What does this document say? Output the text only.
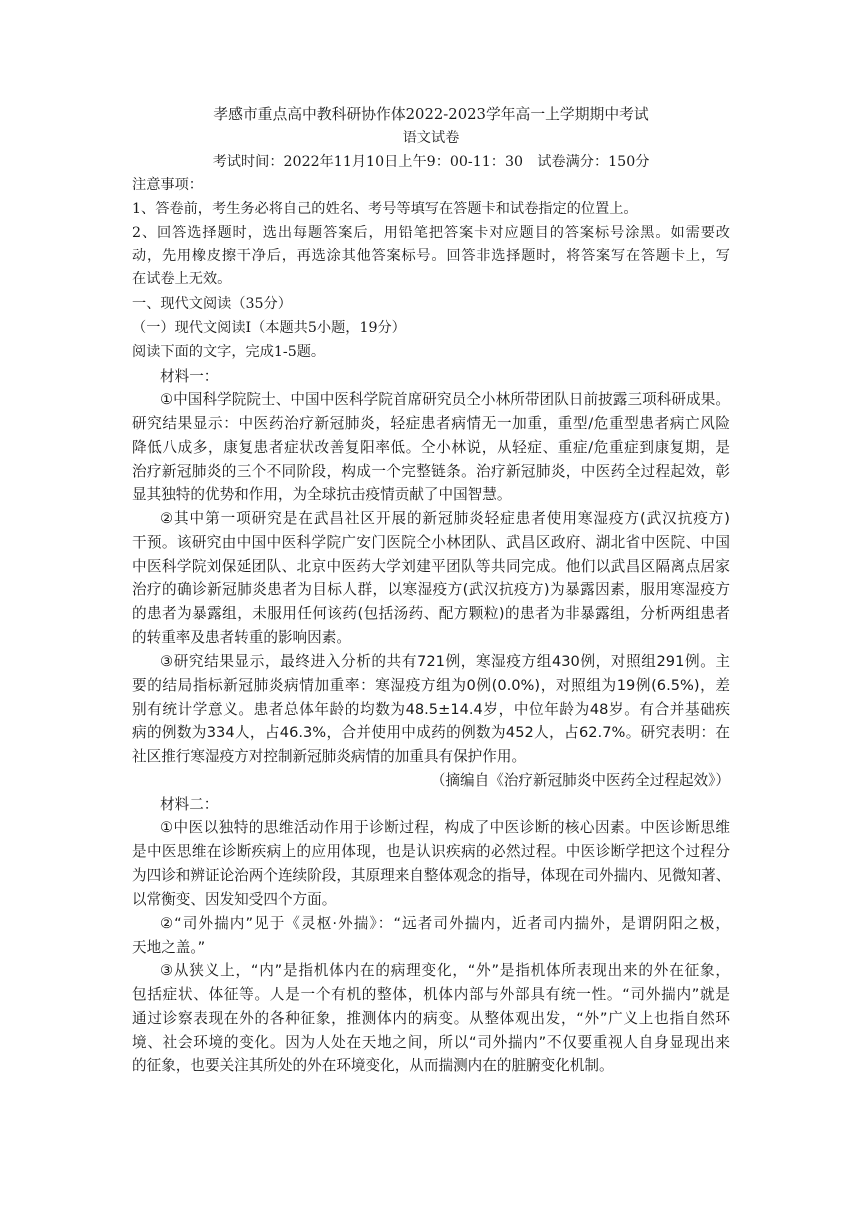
孝感市重点高中教科研协作体2022-2023学年高一上学期期中考试
语文试卷
考试时间：2022年11月10日上午9：00-11：30　试卷满分：150分
注意事项：
1、答卷前，考生务必将自己的姓名、考号等填写在答题卡和试卷指定的位置上。
2、回答选择题时，选出每题答案后，用铅笔把答案卡对应题目的答案标号涂黑。如需要改
动，先用橡皮擦干净后，再选涂其他答案标号。回答非选择题时，将答案写在答题卡上，写
在试卷上无效。
一、现代文阅读（35分）
（一）现代文阅读Ⅰ（本题共5小题，19分）
阅读下面的文字，完成1-5题。
材料一：
①中国科学院院士、中国中医科学院首席研究员仝小林所带团队日前披露三项科研成果。
研究结果显示：中医药治疗新冠肺炎，轻症患者病情无一加重，重型/危重型患者病亡风险
降低八成多，康复患者症状改善复阳率低。仝小林说，从轻症、重症/危重症到康复期，是
治疗新冠肺炎的三个不同阶段，构成一个完整链条。治疗新冠肺炎，中医药全过程起效，彰
显其独特的优势和作用，为全球抗击疫情贡献了中国智慧。
②其中第一项研究是在武昌社区开展的新冠肺炎轻症患者使用寒湿疫方(武汉抗疫方)
干预。该研究由中国中医科学院广安门医院仝小林团队、武昌区政府、湖北省中医院、中国
中医科学院刘保延团队、北京中医药大学刘建平团队等共同完成。他们以武昌区隔离点居家
治疗的确诊新冠肺炎患者为目标人群，以寒湿疫方(武汉抗疫方)为暴露因素，服用寒湿疫方
的患者为暴露组，未服用任何该药(包括汤药、配方颗粒)的患者为非暴露组，分析两组患者
的转重率及患者转重的影响因素。
③研究结果显示，最终进入分析的共有721例，寒湿疫方组430例，对照组291例。主
要的结局指标新冠肺炎病情加重率：寒湿疫方组为0例(0.0%)，对照组为19例(6.5%)，差
别有统计学意义。患者总体年龄的均数为48.5±14.4岁，中位年龄为48岁。有合并基础疾
病的例数为334人，占46.3%，合并使用中成药的例数为452人，占62.7%。研究表明：在
社区推行寒湿疫方对控制新冠肺炎病情的加重具有保护作用。
（摘编自《治疗新冠肺炎中医药全过程起效》）
材料二：
①中医以独特的思维活动作用于诊断过程，构成了中医诊断的核心因素。中医诊断思维
是中医思维在诊断疾病上的应用体现，也是认识疾病的必然过程。中医诊断学把这个过程分
为四诊和辨证论治两个连续阶段，其原理来自整体观念的指导，体现在司外揣内、见微知著、
以常衡变、因发知受四个方面。
②“司外揣内”见于《灵枢·外揣》：“远者司外揣内，近者司内揣外，是谓阴阳之极，
天地之盖。”
③从狭义上，“内”是指机体内在的病理变化，“外”是指机体所表现出来的外在征象，
包括症状、体征等。人是一个有机的整体，机体内部与外部具有统一性。“司外揣内”就是
通过诊察表现在外的各种征象，推测体内的病变。从整体观出发，“外”广义上也指自然环
境、社会环境的变化。因为人处在天地之间，所以“司外揣内”不仅要重视人自身显现出来
的征象，也要关注其所处的外在环境变化，从而揣测内在的脏腑变化机制。
